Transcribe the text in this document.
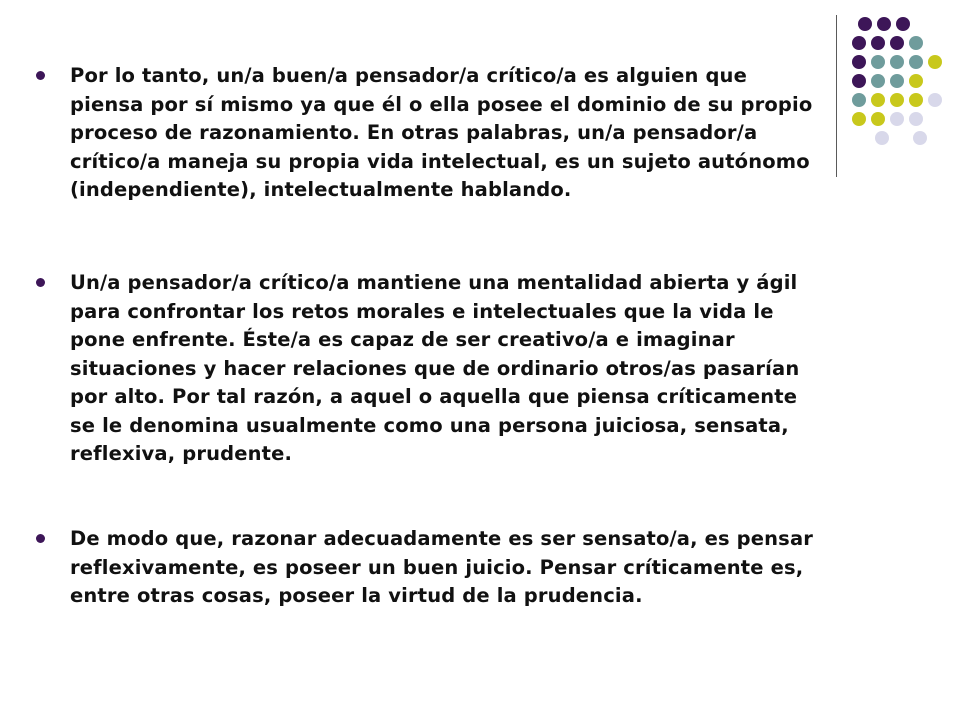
Por lo tanto, un/a buen/a pensador/a crítico/a es alguien que piensa por sí mismo ya que él o ella posee el dominio de su propio proceso de razonamiento. En otras palabras, un/a pensador/a crítico/a maneja su propia vida intelectual, es un sujeto autónomo (independiente), intelectualmente hablando.
Un/a pensador/a crítico/a mantiene una mentalidad abierta y ágil para confrontar los retos morales e intelectuales que la vida le pone enfrente. Éste/a es capaz de ser creativo/a e imaginar situaciones y hacer relaciones que de ordinario otros/as pasarían por alto. Por tal razón, a aquel o aquella que piensa críticamente se le denomina usualmente como una persona juiciosa, sensata, reflexiva, prudente.
De modo que, razonar adecuadamente es ser sensato/a, es pensar reflexivamente, es poseer un buen juicio. Pensar críticamente es, entre otras cosas, poseer la virtud de la prudencia.
